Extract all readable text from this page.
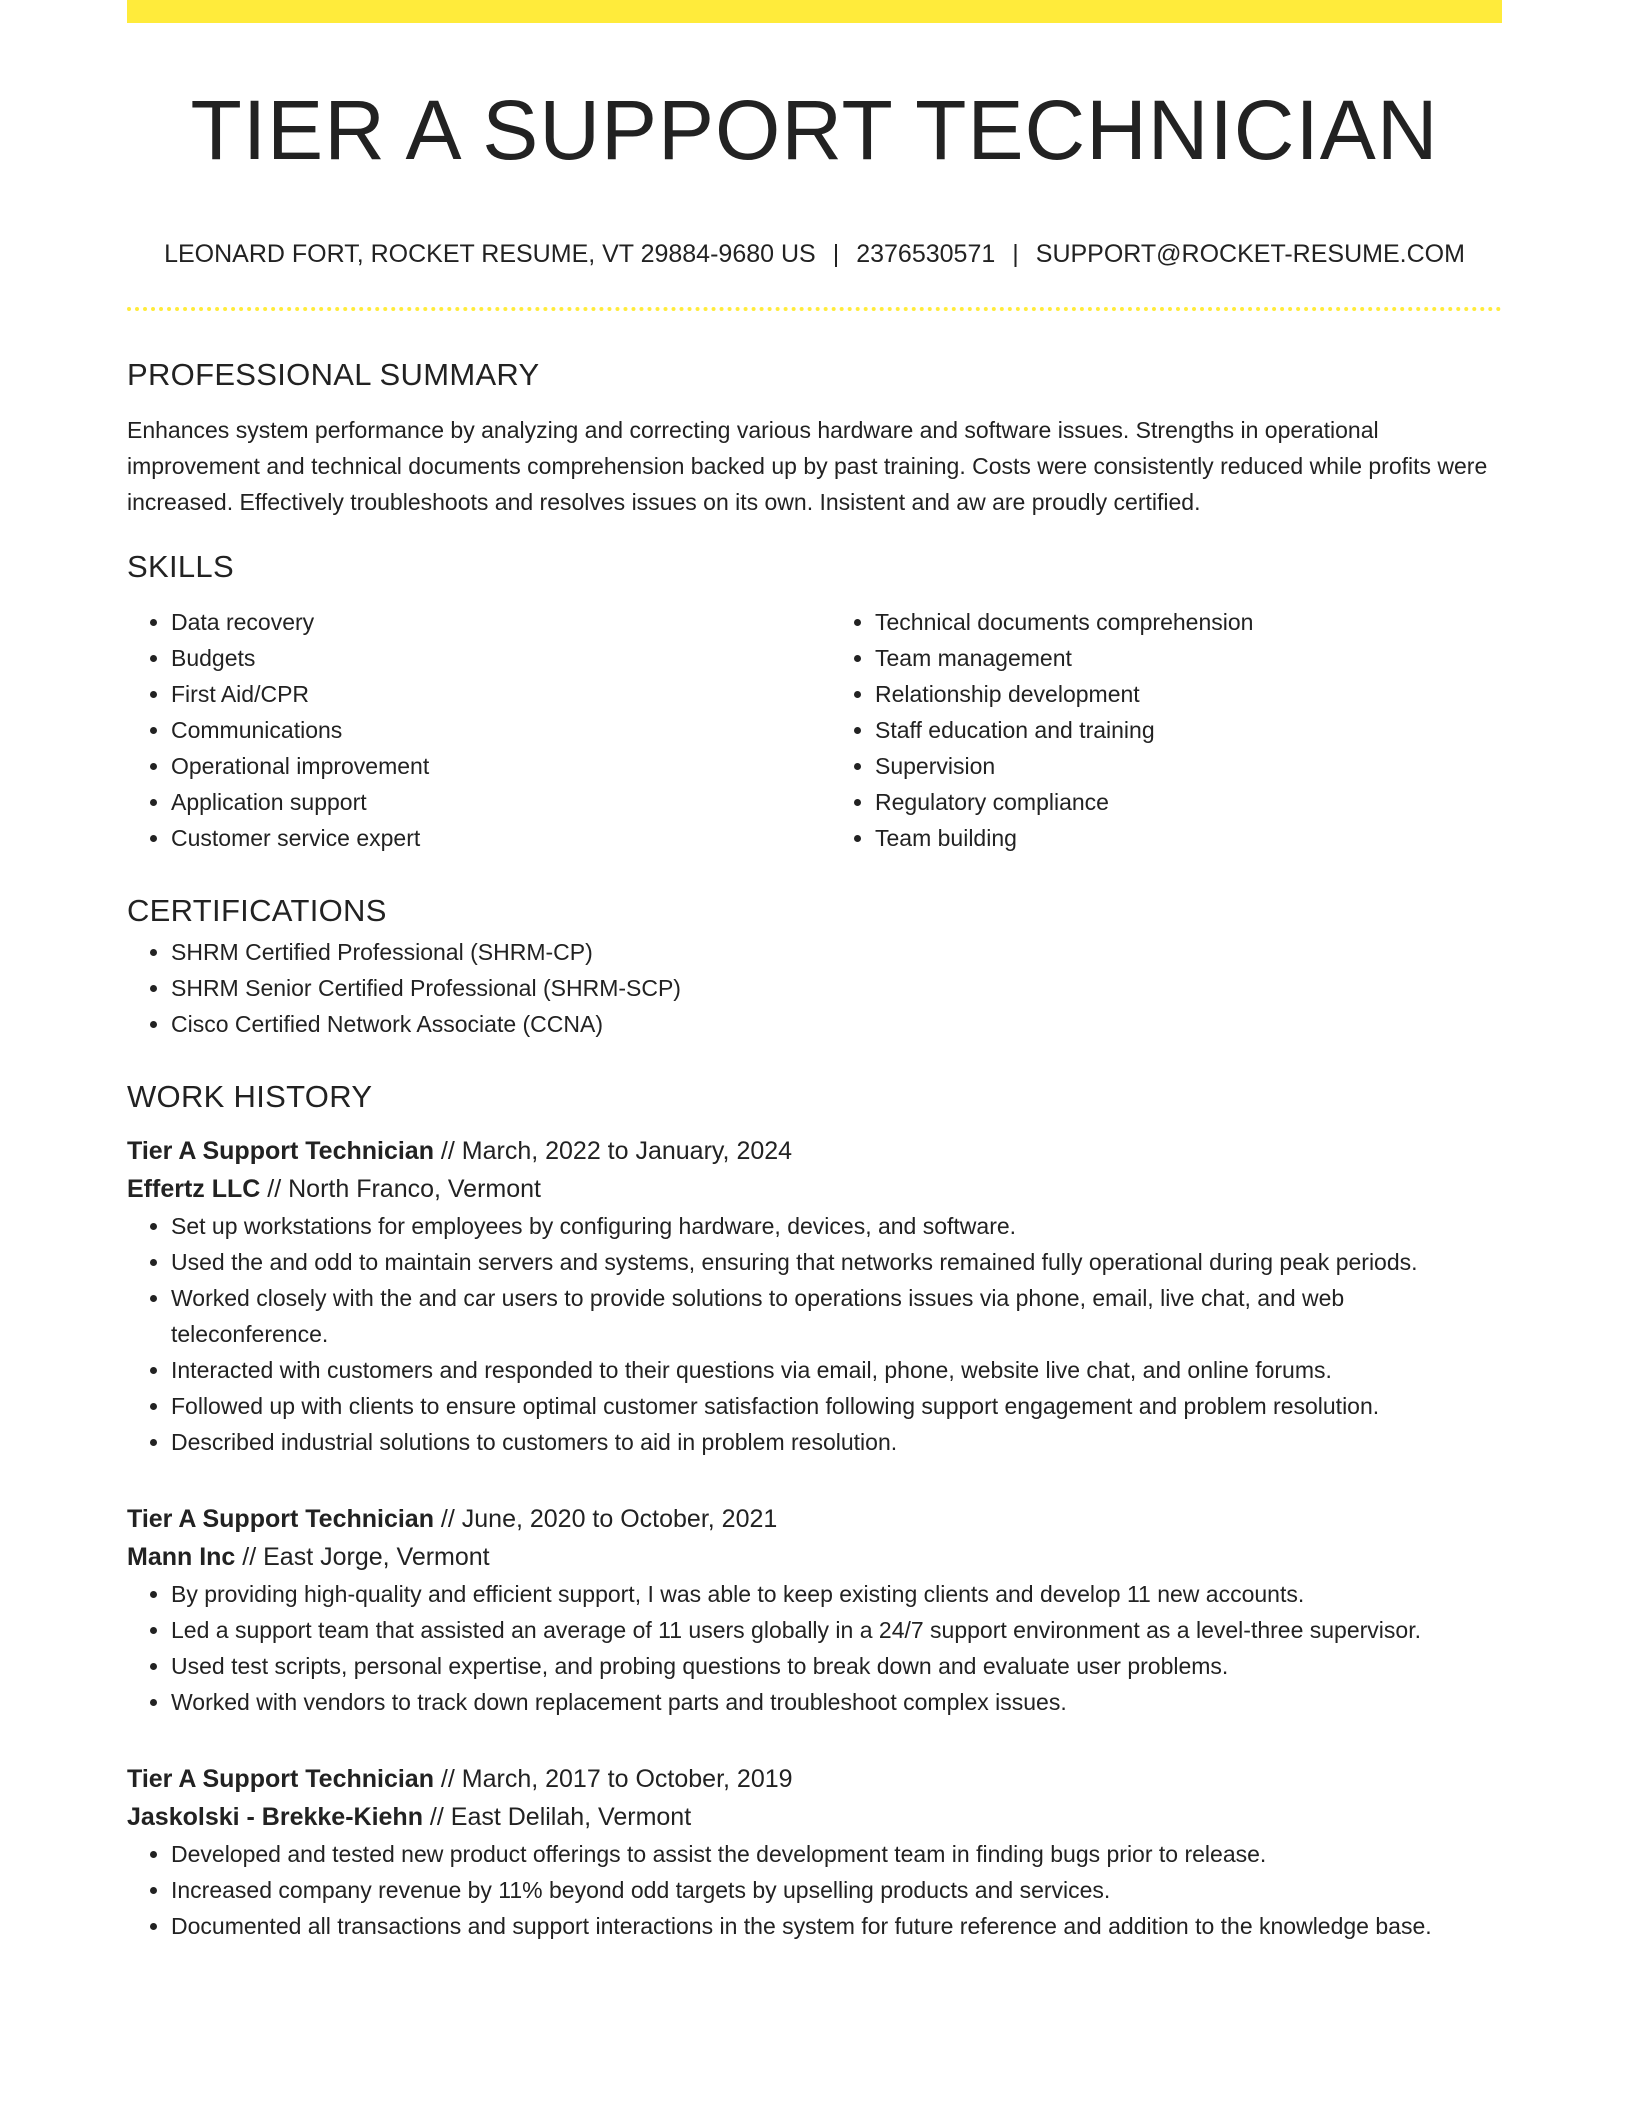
TIER A SUPPORT TECHNICIAN
LEONARD FORT, ROCKET RESUME, VT 29884-9680 US | 2376530571 | SUPPORT@ROCKET-RESUME.COM
PROFESSIONAL SUMMARY

Enhances system performance by analyzing and correcting various hardware and software issues. Strengths in operational improvement and technical documents comprehension backed up by past training. Costs were consistently reduced while profits were increased. Effectively troubleshoots and resolves issues on its own. Insistent and aw are proudly certified.

SKILLS
• Data recovery
• Budgets
• First Aid/CPR
• Communications
• Operational improvement
• Application support
• Customer service expert
• Technical documents comprehension
• Team management
• Relationship development
• Staff education and training
• Supervision
• Regulatory compliance
• Team building
CERTIFICATIONS
• SHRM Certified Professional (SHRM-CP)
• SHRM Senior Certified Professional (SHRM-SCP)
• Cisco Certified Network Associate (CCNA)
WORK HISTORY
Tier A Support Technician // March, 2022 to January, 2024
Effertz LLC // North Franco, Vermont
• Set up workstations for employees by configuring hardware, devices, and software.
• Used the and odd to maintain servers and systems, ensuring that networks remained fully operational during peak periods.
• Worked closely with the and car users to provide solutions to operations issues via phone, email, live chat, and web teleconference.
• Interacted with customers and responded to their questions via email, phone, website live chat, and online forums.
• Followed up with clients to ensure optimal customer satisfaction following support engagement and problem resolution.
• Described industrial solutions to customers to aid in problem resolution.
Tier A Support Technician // June, 2020 to October, 2021
Mann Inc // East Jorge, Vermont
• By providing high-quality and efficient support, I was able to keep existing clients and develop 11 new accounts.
• Led a support team that assisted an average of 11 users globally in a 24/7 support environment as a level-three supervisor.
• Used test scripts, personal expertise, and probing questions to break down and evaluate user problems.
• Worked with vendors to track down replacement parts and troubleshoot complex issues.
Tier A Support Technician // March, 2017 to October, 2019
Jaskolski - Brekke-Kiehn // East Delilah, Vermont
• Developed and tested new product offerings to assist the development team in finding bugs prior to release.
• Increased company revenue by 11% beyond odd targets by upselling products and services.
• Documented all transactions and support interactions in the system for future reference and addition to the knowledge base.
